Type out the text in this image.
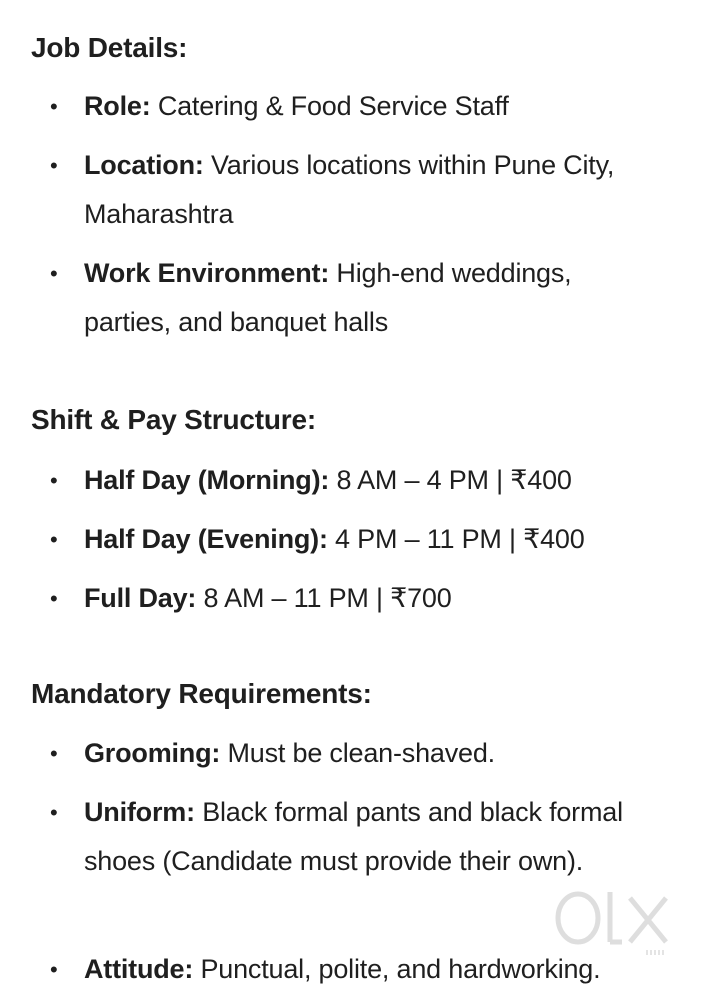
Job Details:
• Role: Catering & Food Service Staff
• Location: Various locations within Pune City, Maharashtra
• Work Environment: High-end weddings, parties, and banquet halls
Shift & Pay Structure:
• Half Day (Morning): 8 AM – 4 PM | ₹400
• Half Day (Evening): 4 PM – 11 PM | ₹400
• Full Day: 8 AM – 11 PM | ₹700
Mandatory Requirements:
• Grooming: Must be clean-shaved.
• Uniform: Black formal pants and black formal shoes (Candidate must provide their own).
• Attitude: Punctual, polite, and hardworking.
